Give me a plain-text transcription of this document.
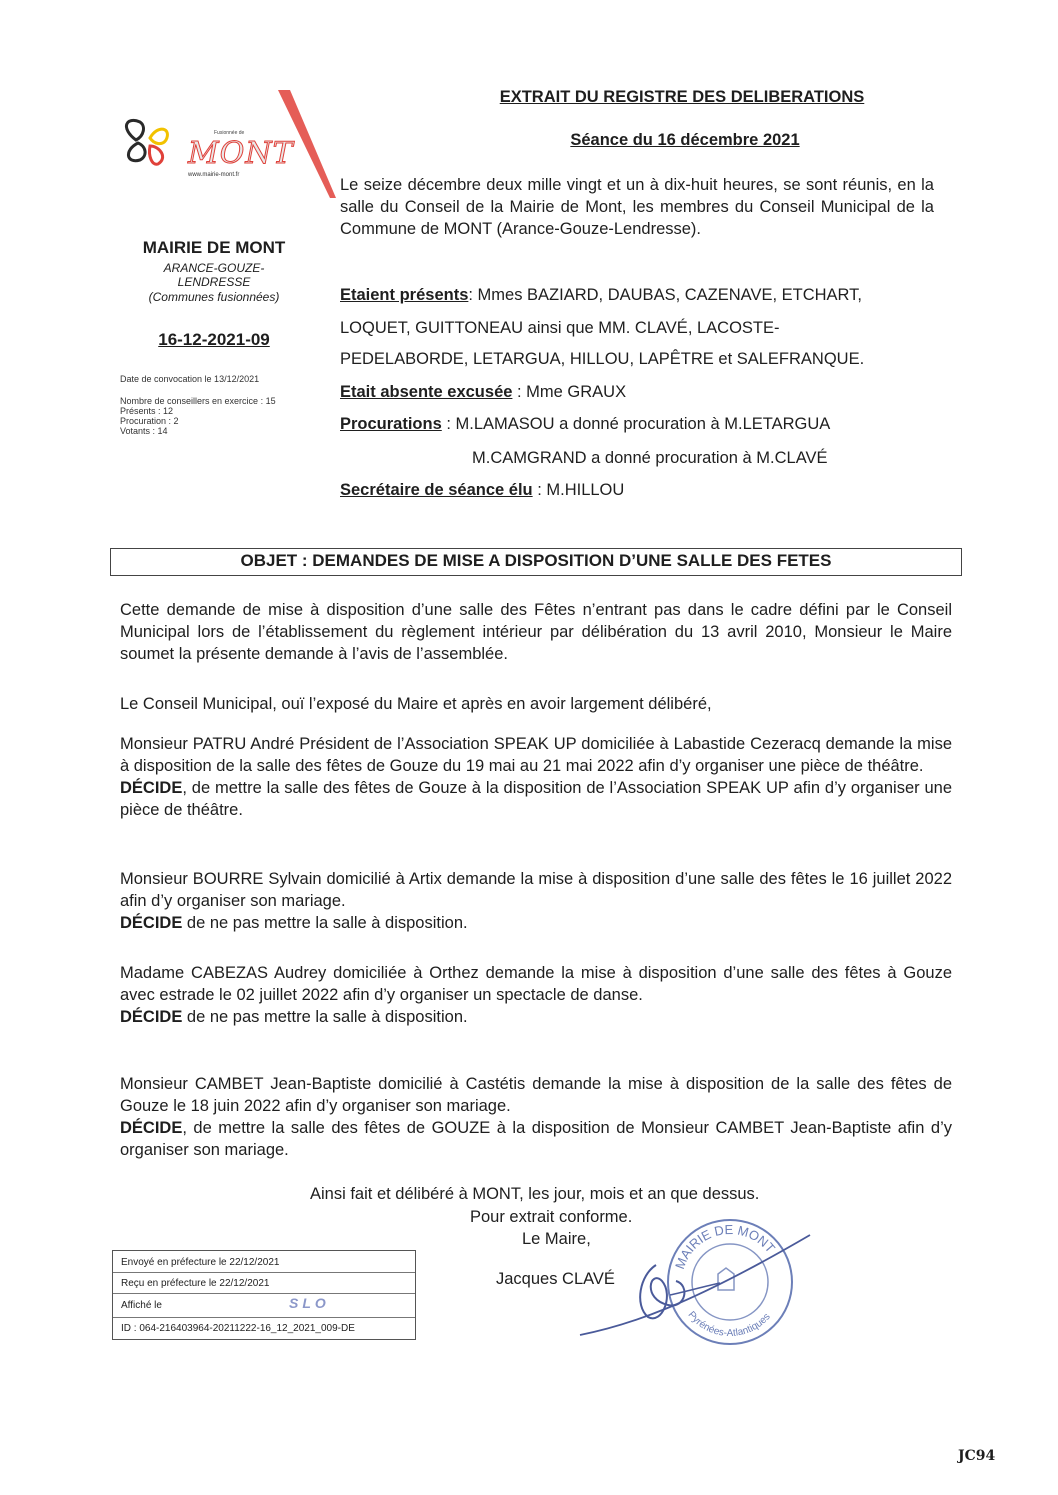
MONT
Fusionnée de
www.mairie-mont.fr
EXTRAIT DU REGISTRE DES DELIBERATIONS
Séance du 16 décembre 2021
MAIRIE DE MONT
ARANCE-GOUZE-
LENDRESSE
(Communes fusionnées)
16-12-2021-09
Date de convocation le 13/12/2021
Nombre de conseillers en exercice : 15
Présents : 12
Procuration : 2
Votants : 14
Le seize décembre deux mille vingt et un à dix-huit heures, se sont réunis, en la salle du Conseil de la Mairie de Mont, les membres du Conseil Municipal de la Commune de MONT (Arance-Gouze-Lendresse).
Etaient présents: Mmes BAZIARD, DAUBAS, CAZENAVE, ETCHART,
LOQUET, GUITTONEAU ainsi que MM. CLAVÉ, LACOSTE-
PEDELABORDE, LETARGUA, HILLOU, LAPÊTRE et SALEFRANQUE.
Etait absente excusée : Mme GRAUX
Procurations : M.LAMASOU a donné procuration à M.LETARGUA
M.CAMGRAND a donné procuration à M.CLAVÉ
Secrétaire de séance élu : M.HILLOU
OBJET : DEMANDES DE MISE A DISPOSITION D’UNE SALLE DES FETES
Cette demande de mise à disposition d’une salle des Fêtes n’entrant pas dans le cadre défini par le Conseil Municipal lors de l’établissement du règlement intérieur par délibération du 13 avril 2010, Monsieur le Maire soumet la présente demande à l’avis de l’assemblée.
Le Conseil Municipal, ouï l’exposé du Maire et après en avoir largement délibéré,

Monsieur PATRU André Président de l’Association SPEAK UP domiciliée à Labastide Cezeracq demande la mise à disposition de la salle des fêtes de Gouze du 19 mai au 21 mai 2022 afin d’y organiser une pièce de théâtre.

DÉCIDE, de mettre la salle des fêtes de Gouze à la disposition de l’Association SPEAK UP afin d’y organiser une pièce de théâtre.

Monsieur BOURRE Sylvain domicilié à Artix demande la mise à disposition d’une salle des fêtes le 16 juillet 2022 afin d’y organiser son mariage.

DÉCIDE de ne pas mettre la salle à disposition.

Madame CABEZAS Audrey domiciliée à Orthez demande la mise à disposition d’une salle des fêtes à Gouze avec estrade le 02 juillet 2022 afin d’y organiser un spectacle de danse.

DÉCIDE de ne pas mettre la salle à disposition.

Monsieur CAMBET Jean-Baptiste domicilié à Castétis demande la mise à disposition de la salle des fêtes de Gouze le 18 juin 2022 afin d’y organiser son mariage.

DÉCIDE, de mettre la salle des fêtes de GOUZE à la disposition de Monsieur CAMBET Jean-Baptiste afin d’y organiser son mariage.

Ainsi fait et délibéré à MONT, les jour, mois et an que dessus.
Pour extrait conforme.
Le Maire,
Jacques CLAVÉ
MAIRIE DE MONT
Pyrénées-Atlantiques
Envoyé en préfecture le 22/12/2021
Reçu en préfecture le 22/12/2021
Affiché le	SLO
ID : 064-216403964-20211222-16_12_2021_009-DE
JC94
